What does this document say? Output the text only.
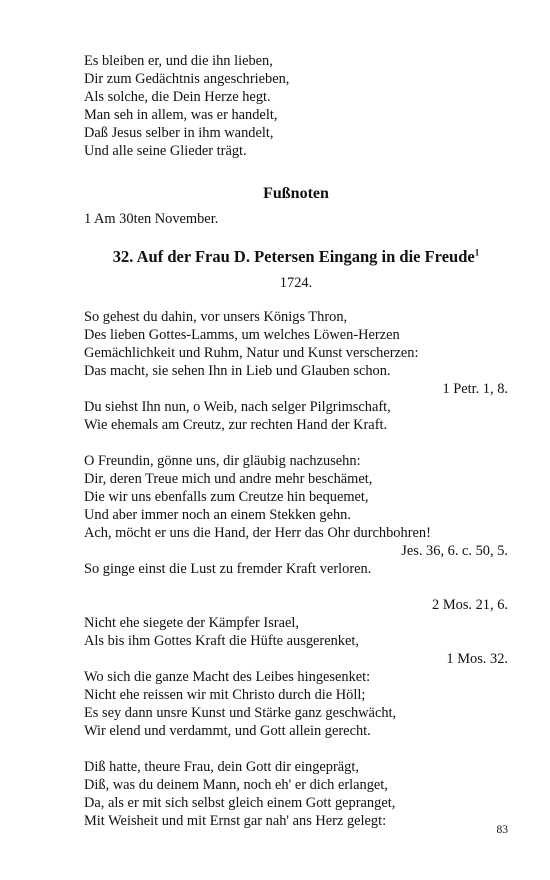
Es bleiben er, und die ihn lieben,
Dir zum Gedächtnis angeschrieben,
Als solche, die Dein Herze hegt.
Man seh in allem, was er handelt,
Daß Jesus selber in ihm wandelt,
Und alle seine Glieder trägt.
Fußnoten
1 Am 30ten November.
32. Auf der Frau D. Petersen Eingang in die Freude$^1$
1724.
So gehest du dahin, vor unsers Königs Thron,
Des lieben Gottes-Lamms, um welches Löwen-Herzen
Gemächlichkeit und Ruhm, Natur und Kunst verscherzen:
Das macht, sie sehen Ihn in Lieb und Glauben schon.
1 Petr. 1, 8.
Du siehst Ihn nun, o Weib, nach selger Pilgrimschaft,
Wie ehemals am Creutz, zur rechten Hand der Kraft.
O Freundin, gönne uns, dir gläubig nachzusehn:
Dir, deren Treue mich und andre mehr beschämet,
Die wir uns ebenfalls zum Creutze hin bequemet,
Und aber immer noch an einem Stekken gehn.
Ach, möcht er uns die Hand, der Herr das Ohr durchbohren!
Jes. 36, 6. c. 50, 5.
So ginge einst die Lust zu fremder Kraft verloren.
2 Mos. 21, 6.
Nicht ehe siegete der Kämpfer Israel,
Als bis ihm Gottes Kraft die Hüfte ausgerenket,
1 Mos. 32.
Wo sich die ganze Macht des Leibes hingesenket:
Nicht ehe reissen wir mit Christo durch die Höll;
Es sey dann unsre Kunst und Stärke ganz geschwächt,
Wir elend und verdammt, und Gott allein gerecht.
Diß hatte, theure Frau, dein Gott dir eingeprägt,
Diß, was du deinem Mann, noch eh' er dich erlanget,
Da, als er mit sich selbst gleich einem Gott gepranget,
Mit Weisheit und mit Ernst gar nah' ans Herz gelegt:
83
